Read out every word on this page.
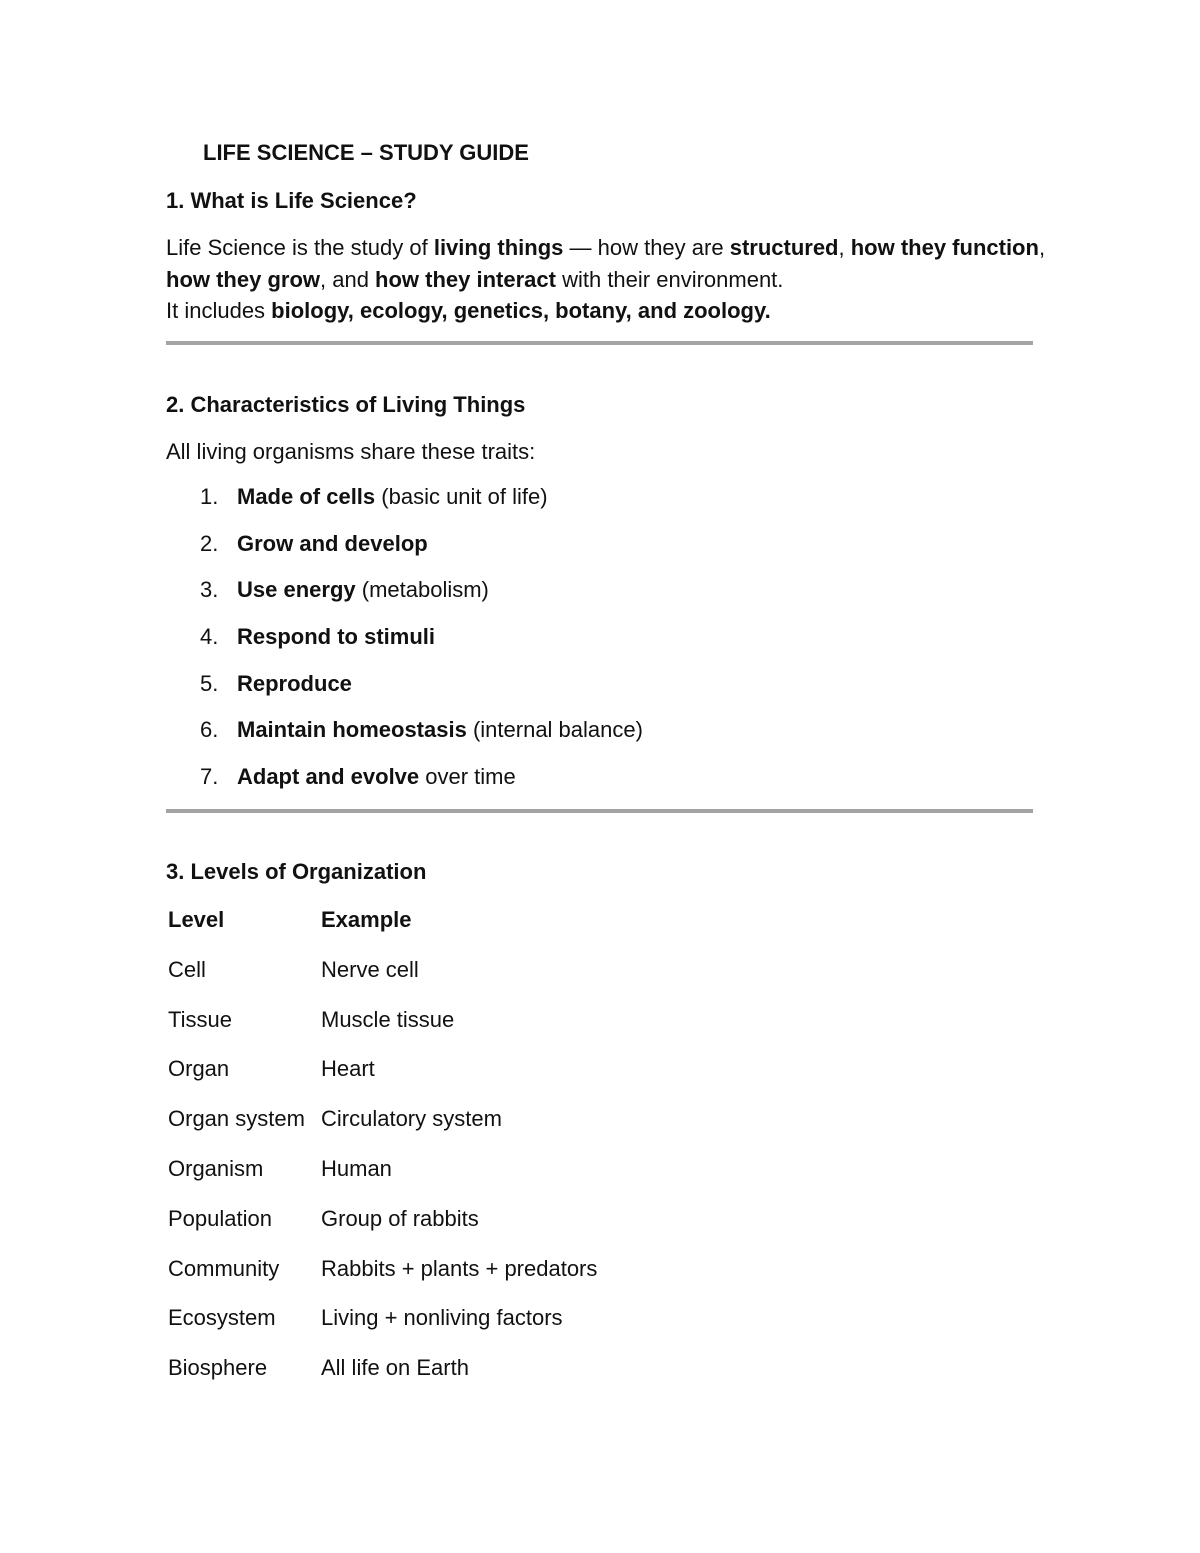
LIFE SCIENCE – STUDY GUIDE
1. What is Life Science?
Life Science is the study of living things — how they are structured, how they function, how they grow, and how they interact with their environment.
It includes biology, ecology, genetics, botany, and zoology.
2. Characteristics of Living Things
All living organisms share these traits:
1. Made of cells (basic unit of life)
2. Grow and develop
3. Use energy (metabolism)
4. Respond to stimuli
5. Reproduce
6. Maintain homeostasis (internal balance)
7. Adapt and evolve over time
3. Levels of Organization
Level	Example
Cell	Nerve cell
Tissue	Muscle tissue
Organ	Heart
Organ system	Circulatory system
Organism	Human
Population	Group of rabbits
Community	Rabbits + plants + predators
Ecosystem	Living + nonliving factors
Biosphere	All life on Earth
